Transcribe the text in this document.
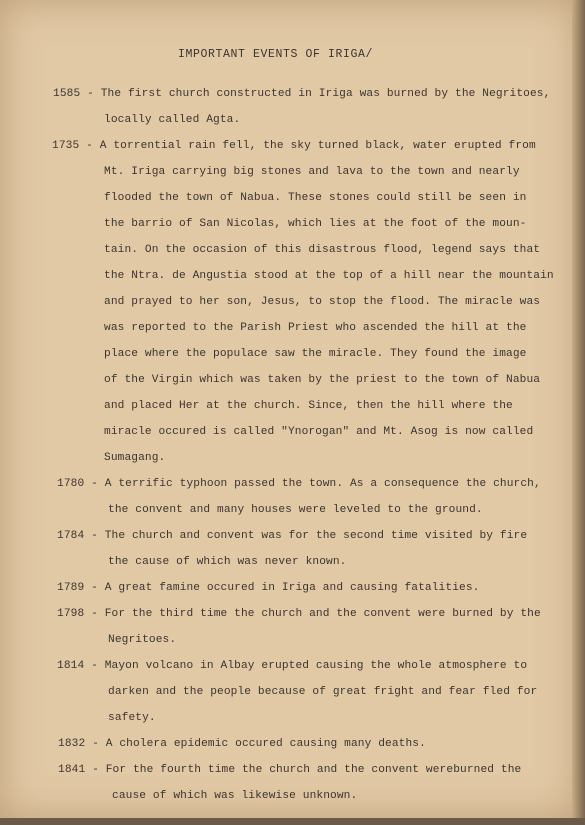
IMPORTANT EVENTS OF IRIGA/
1585 - The first church constructed in Iriga was burned by the Negritoes,
locally called Agta.
1735 - A torrential rain fell, the sky turned black, water erupted from
Mt. Iriga carrying big stones and lava to the town and nearly
flooded the town of Nabua. These stones could still be seen in
the barrio of San Nicolas, which lies at the foot of the moun-
tain. On the occasion of this disastrous flood, legend says that
the Ntra. de Angustia stood at the top of a hill near the mountain
and prayed to her son, Jesus, to stop the flood. The miracle was
was reported to the Parish Priest who ascended the hill at the
place where the populace saw the miracle. They found the image
of the Virgin which was taken by the priest to the town of Nabua
and placed Her at the church. Since, then the hill where the
miracle occured is called "Ynorogan" and Mt. Asog is now called
Sumagang.
1780 - A terrific typhoon passed the town. As a consequence the church,
the convent and many houses were leveled to the ground.
1784 - The church and convent was for the second time visited by fire
the cause of which was never known.
1789 - A great famine occured in Iriga and causing fatalities.
1798 - For the third time the church and the convent were burned by the
Negritoes.
1814 - Mayon volcano in Albay erupted causing the whole atmosphere to
darken and the people because of great fright and fear fled for
safety.
1832 - A cholera epidemic occured causing many deaths.
1841 - For the fourth time the church and the convent wereburned the
cause of which was likewise unknown.
